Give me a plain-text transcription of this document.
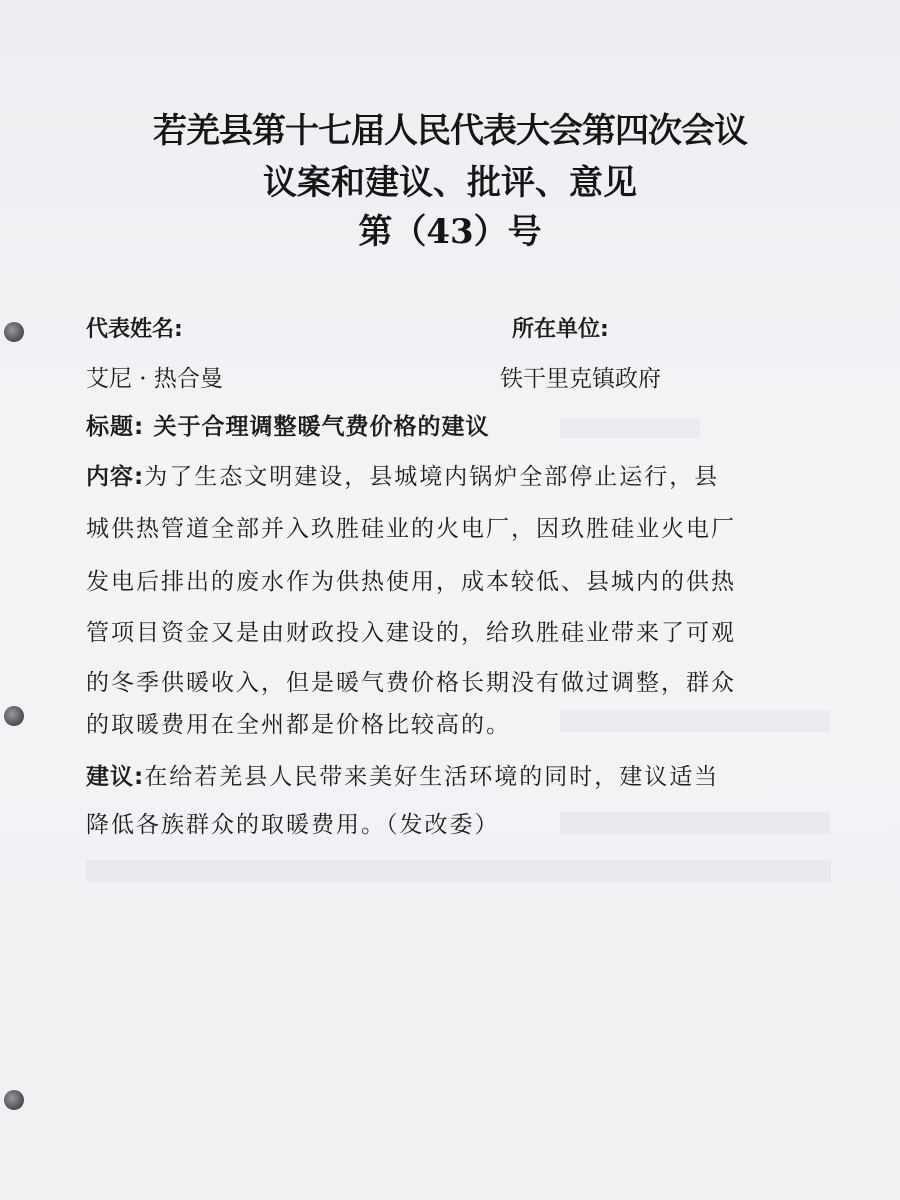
若羌县第十七届人民代表大会第四次会议
议案和建议、批评、意见
第（43）号
代表姓名:	所在单位:
艾尼 · 热合曼	铁干里克镇政府
标题: 关于合理调整暖气费价格的建议
内容:为了生态文明建设，县城境内锅炉全部停止运行，县
城供热管道全部并入玖胜硅业的火电厂，因玖胜硅业火电厂
发电后排出的废水作为供热使用，成本较低、县城内的供热
管项目资金又是由财政投入建设的，给玖胜硅业带来了可观
的冬季供暖收入，但是暖气费价格长期没有做过调整，群众
的取暖费用在全州都是价格比较高的。
建议:在给若羌县人民带来美好生活环境的同时，建议适当
降低各族群众的取暖费用。（发改委）
